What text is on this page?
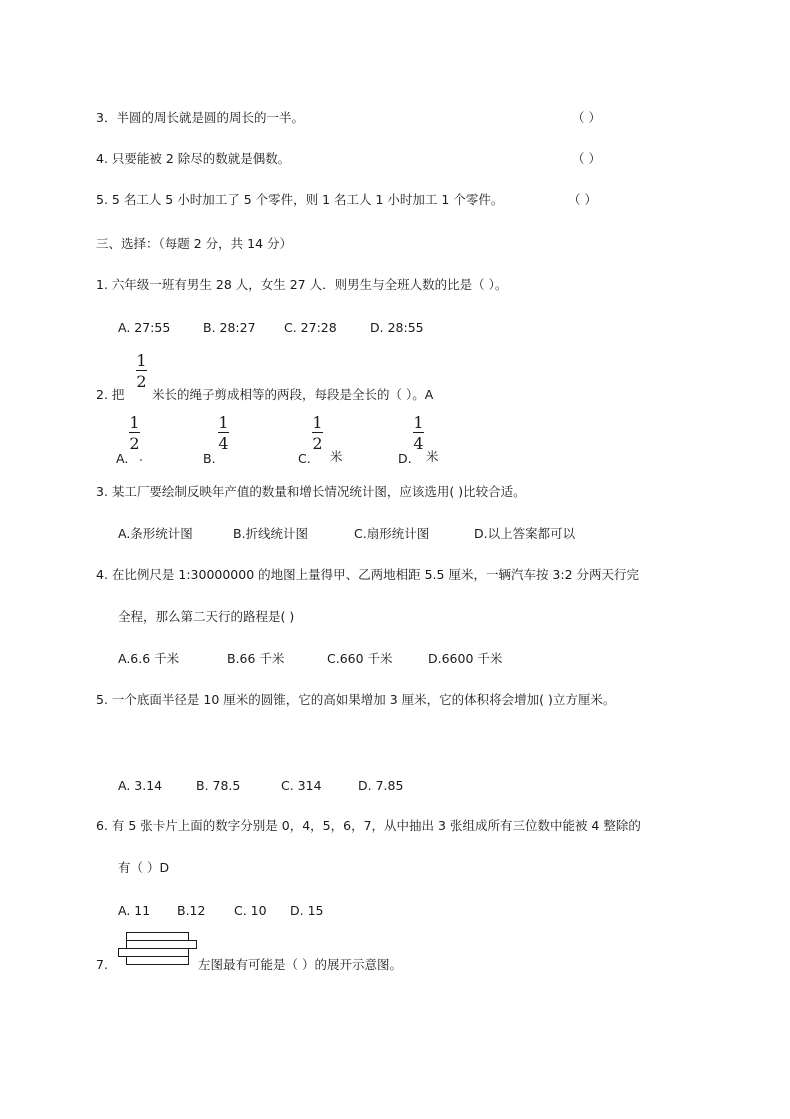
3．半圆的周长就是圆的周长的一半。	（ ）
4. 只要能被 2 除尽的数就是偶数。	（ ）
5. 5 名工人 5 小时加工了 5 个零件，则 1 名工人 1 小时加工 1 个零件。	（ ）
三、选择：（每题 2 分，共 14 分）
1. 六年级一班有男生 28 人，女生 27 人．则男生与全班人数的比是（ ）。
A. 27:55	B. 28:27 C. 27:28	D. 28:55
2. 把
1
2
米长的绳子剪成相等的两段，每段是全长的（ ）。A
A.
1
2
B.
1
4
C.
1
2
米	D.
1
4
米
3. 某工厂要绘制反映年产值的数量和增长情况统计图，应该选用( )比较合适。
A.条形统计图	B.折线统计图	C.扇形统计图	D.以上答案都可以
4. 在比例尺是 1:30000000 的地图上量得甲、乙两地相距 5.5 厘米，一辆汽车按 3:2 分两天行完
全程，那么第二天行的路程是( )
A.6.6 千米	B.66 千米	C.660 千米	D.6600 千米
5. 一个底面半径是 10 厘米的圆锥，它的高如果增加 3 厘米，它的体积将会增加( )立方厘米。
A. 3.14	B. 78.5	C. 314	D. 7.85
6. 有 5 张卡片上面的数字分别是 0，4，5，6，7，从中抽出 3 张组成所有三位数中能被 4 整除的
有（ ）D
A. 11 B.12 C. 10 D. 15
7.	左图最有可能是（ ）的展开示意图。
